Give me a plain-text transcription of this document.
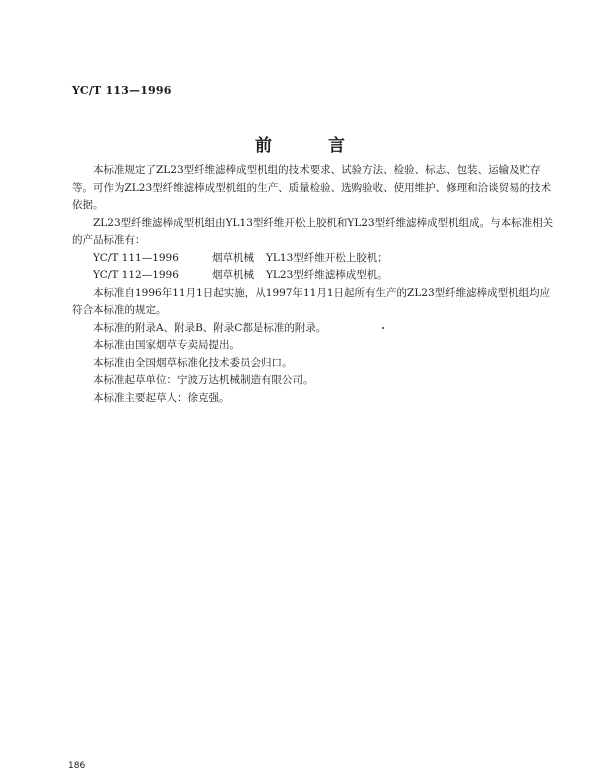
YC/T 113—1996
前	言

本标准规定了ZL23型纤维滤棒成型机组的技术要求、试验方法、检验、标志、包装、运输及贮存等。可作为ZL23型纤维滤棒成型机组的生产、质量检验、选购验收、使用维护、修理和洽谈贸易的技术依据。

ZL23型纤维滤棒成型机组由YL13型纤维开松上胶机和YL23型纤维滤棒成型机组成。与本标准相关的产品标准有：

YC/T 111—1996	烟草机械 YL13型纤维开松上胶机；
YC/T 112—1996	烟草机械 YL23型纤维滤棒成型机。

本标准自1996年11月1日起实施，从1997年11月1日起所有生产的ZL23型纤维滤棒成型机组均应符合本标准的规定。

本标准的附录A、附录B、附录C都是标准的附录。

本标准由国家烟草专卖局提出。

本标准由全国烟草标准化技术委员会归口。

本标准起草单位：宁波万达机械制造有限公司。

本标准主要起草人：徐克强。

186
